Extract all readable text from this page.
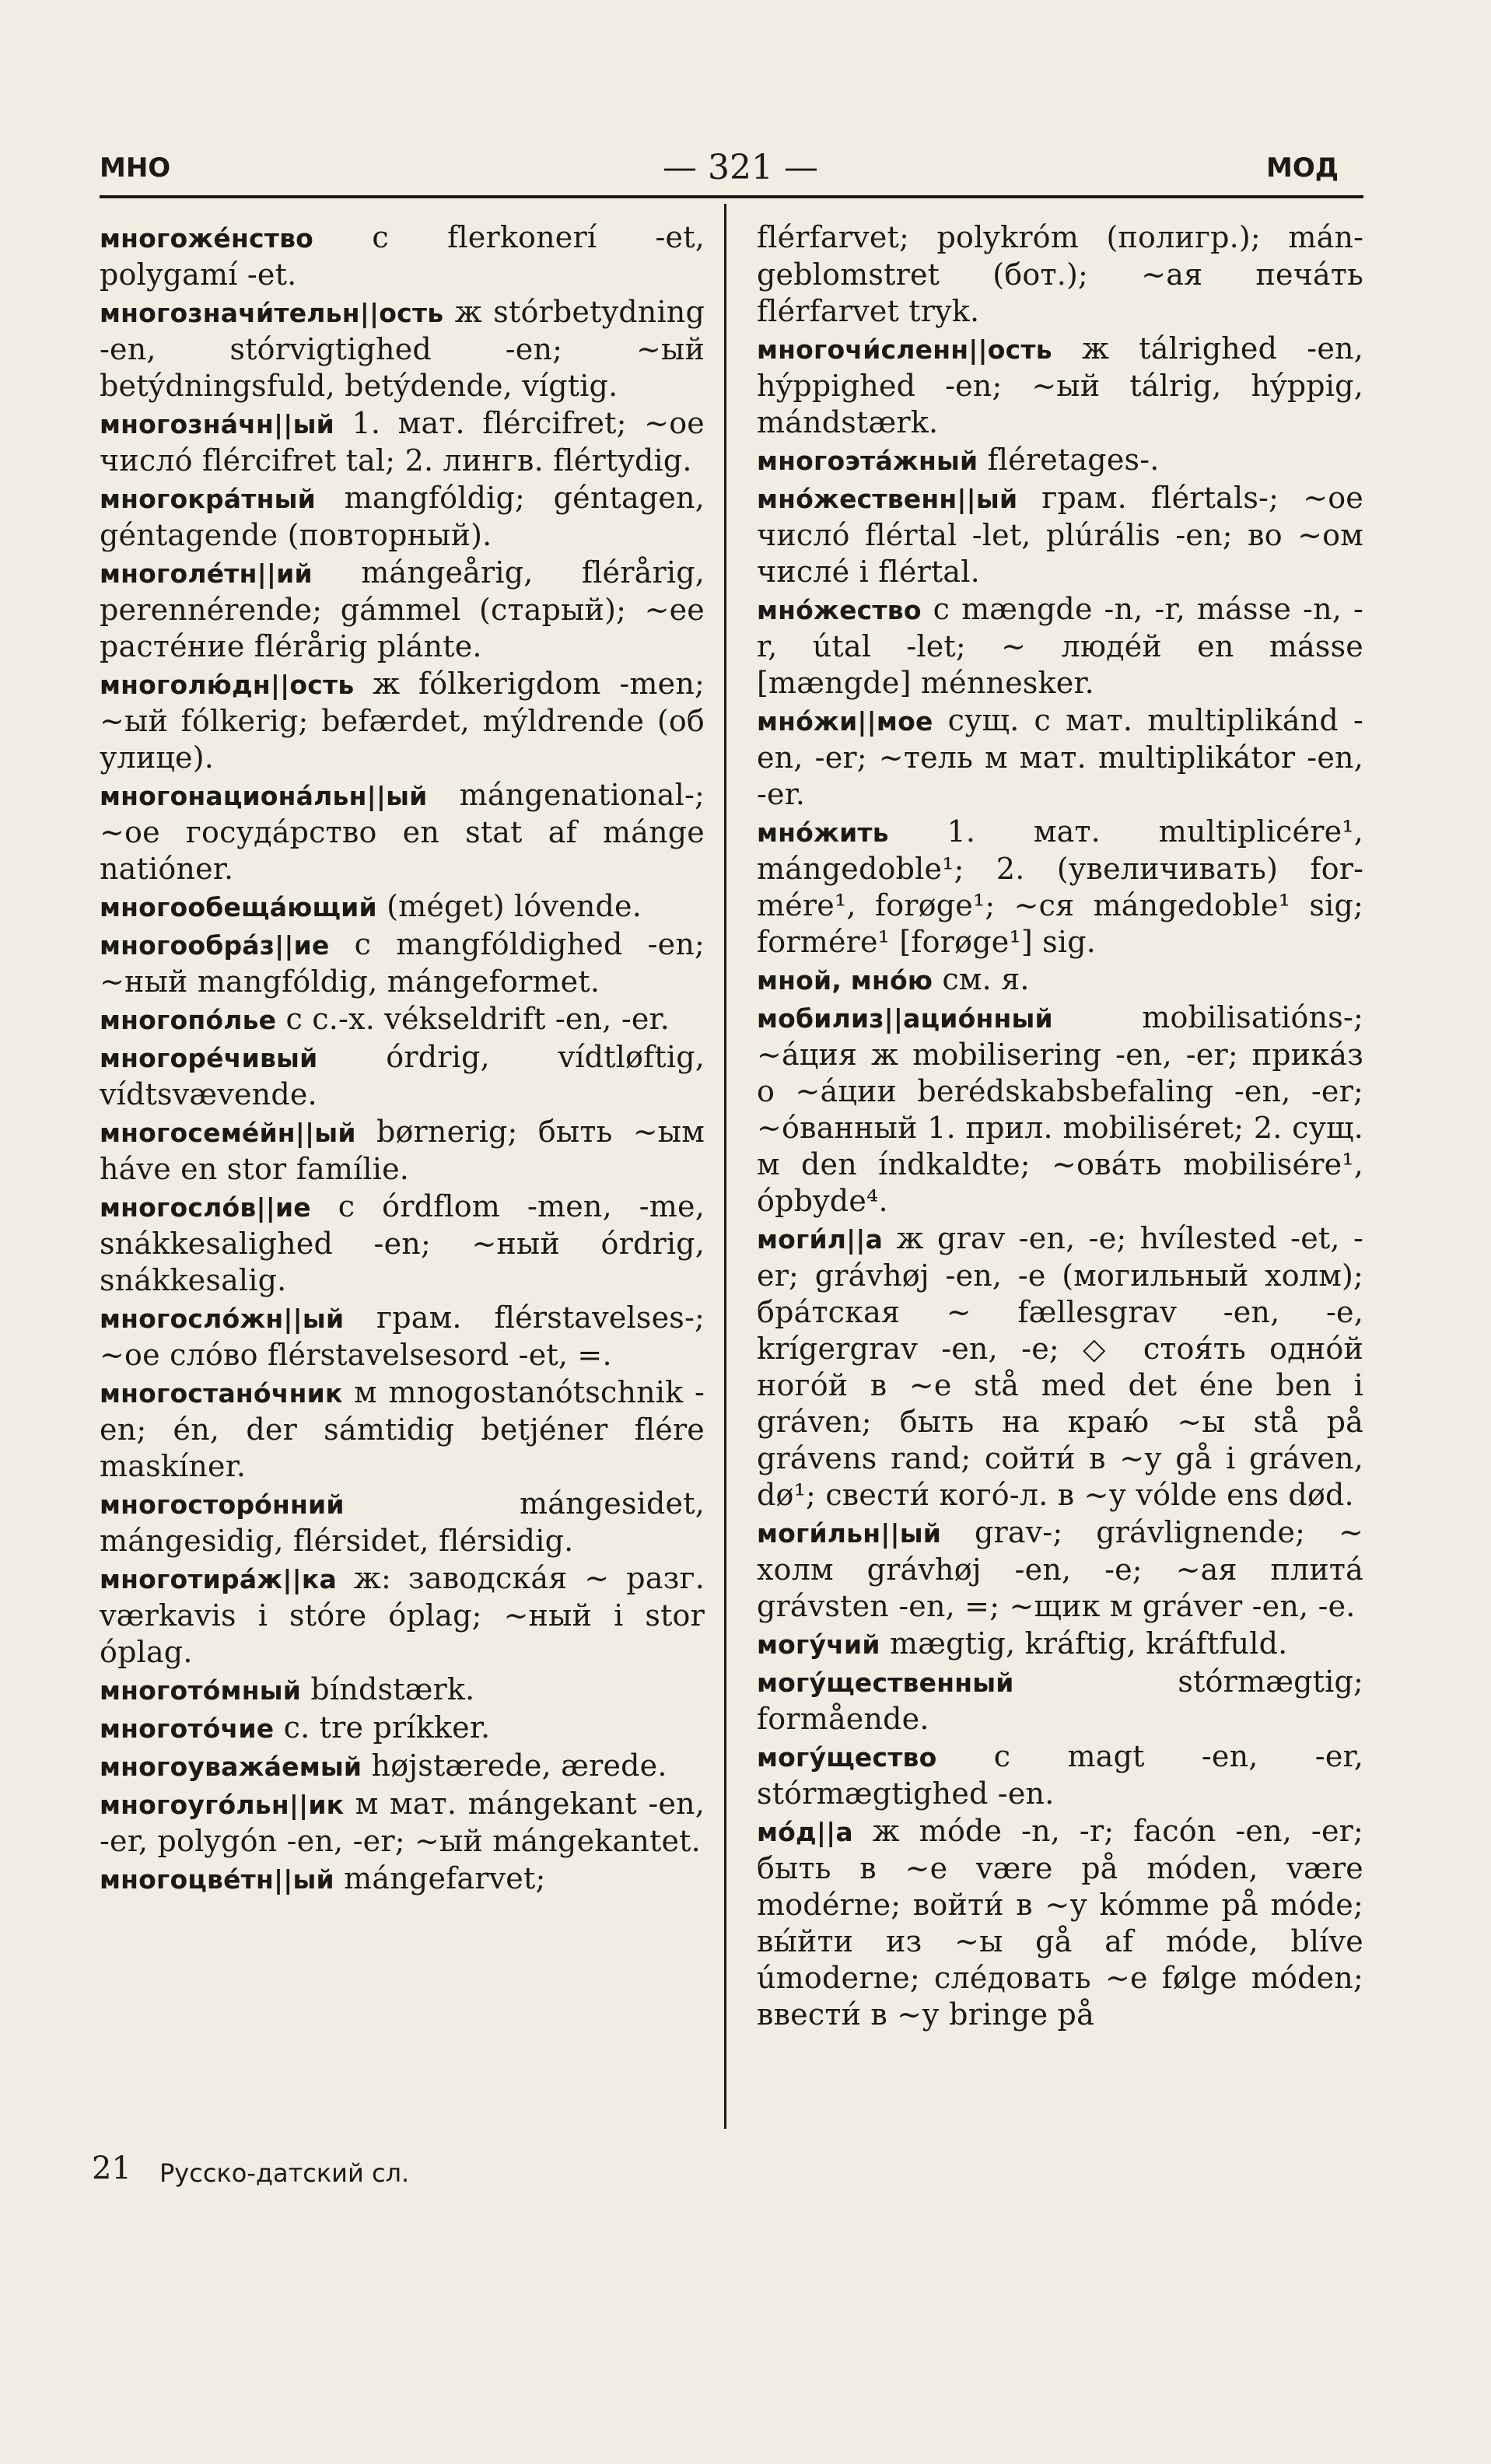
МНО	— 321 —	МОД
многожéнство с flerkonerí -et, polygamí -et.
многозначи́тельн||ость ж stórbetydning -en, stórvigtighed -en; ∼ый betýdningsfuld, betýdende, vígtig.
многозна́чн||ый 1. мат. flércifret; ∼ое числó flércifret tal; 2. лингв. flértydig.
многокра́тный mangfóldig; géntagen, géntagende (повторный).
многолéтн||ий mángeårig, flérårig, perennérende; gámmel (старый); ∼ее растéние flérårig plánte.
многолю́дн||ость ж fólkerigdom -men; ∼ый fólkerig; befærdet, mýldrende (об улице).
многонациона́льн||ый mángenational-; ∼ое госудáрство en stat af mánge natióner.
многообещáющий (méget) lóvende.
многообра́з||ие с mangfóldighed -en; ∼ный mangfóldig, mángeformet.
многопóлье с с.-х. vékseldrift -en, -er.
многорéчивый órdrig, vídtløftig, vídtsvævende.
многосемéйн||ый børnerig; быть ∼ым háve en stor famílie.
многослóв||ие с órdflom -men, -me, snákkesalighed -en; ∼ный órdrig, snákkesalig.
многослóжн||ый грам. flérstavelses-; ∼ое слóво flérstavelsesord -et, =.
многостанóчник м mnogostanótschnik -en; én, der sámtidig betjéner flére maskíner.
многосторóнний mángesidet, mángesidig, flérsidet, flérsidig.
многотирáж||ка ж: заводскáя ∼ разг. værkavis i stóre óplag; ∼ный i stor óplag.
многотóмный bíndstærk.
многотóчие с. tre príkker.
многоуважáемый højstærede, ærede.
многоугóльн||ик м мат. mángekant -en, -er, polygón -en, -er; ∼ый mángekantet.
многоцвéтн||ый mángefarvet;
flérfarvet; polykróm (полигр.); mángeblomstret (бот.); ∼ая печáть flérfarvet tryk.
многочи́сленн||ость ж tálrighed -en, hýppighed -en; ∼ый tálrig, hýppig, mándstærk.
многоэтáжный fléretages-.
мнóжественн||ый грам. flértals-; ∼ое числó flértal -let, plúrális -en; во ∼ом числé i flértal.
мнóжество с mængde -n, -r, másse -n, -r, útal -let; ∼ людéй en másse [mængde] ménnesker.
мнóжи||мое сущ. с мат. multiplikánd -en, -er; ∼тель м мат. multiplikátor -en, -er.
мнóжить 1. мат. multiplicére¹, mángedoble¹; 2. (увеличивать) formére¹, forøge¹; ∼ся mángedoble¹ sig; formére¹ [forøge¹] sig.
мной, мнóю см. я.
мобилиз||ациóнный mobilisatións-; ∼áция ж mobilisering -en, -er; прикáз о ∼áции berédskabsbefaling -en, -er; ∼óванный 1. прил. mobiliséret; 2. сущ. м den índkaldte; ∼овáть mobilisére¹, ópbyde⁴.
моги́л||а ж grav -en, -e; hvílested -et, -er; grávhøj -en, -e (могильный холм); брáтская ∼ fællesgrav -en, -e, krígergrav -en, -e; ◇ стоя́ть однóй ногóй в ∼е stå med det éne ben i gráven; быть на краю́ ∼ы stå på grávens rand; сойти́ в ∼у gå i gráven, dø¹; свести́ когó-л. в ∼у vólde ens død.
моги́льн||ый grav-; grávlignende; ∼ холм grávhøj -en, -e; ∼ая плитá grávsten -en, =; ∼щик м gráver -en, -e.
могу́чий mægtig, kráftig, kráftfuld.
могу́щественный stórmægtig; formående.
могу́щество с magt -en, -er, stórmægtighed -en.
мóд||а ж móde -n, -r; facón -en, -er; быть в ∼е være på móden, være modérne; войти́ в ∼у kómme på móde; вы́йти из ∼ы gå af móde, blíve úmoderne; слéдовать ∼е følge móden; ввести́ в ∼у bringe på
21 Русско-датский сл.
